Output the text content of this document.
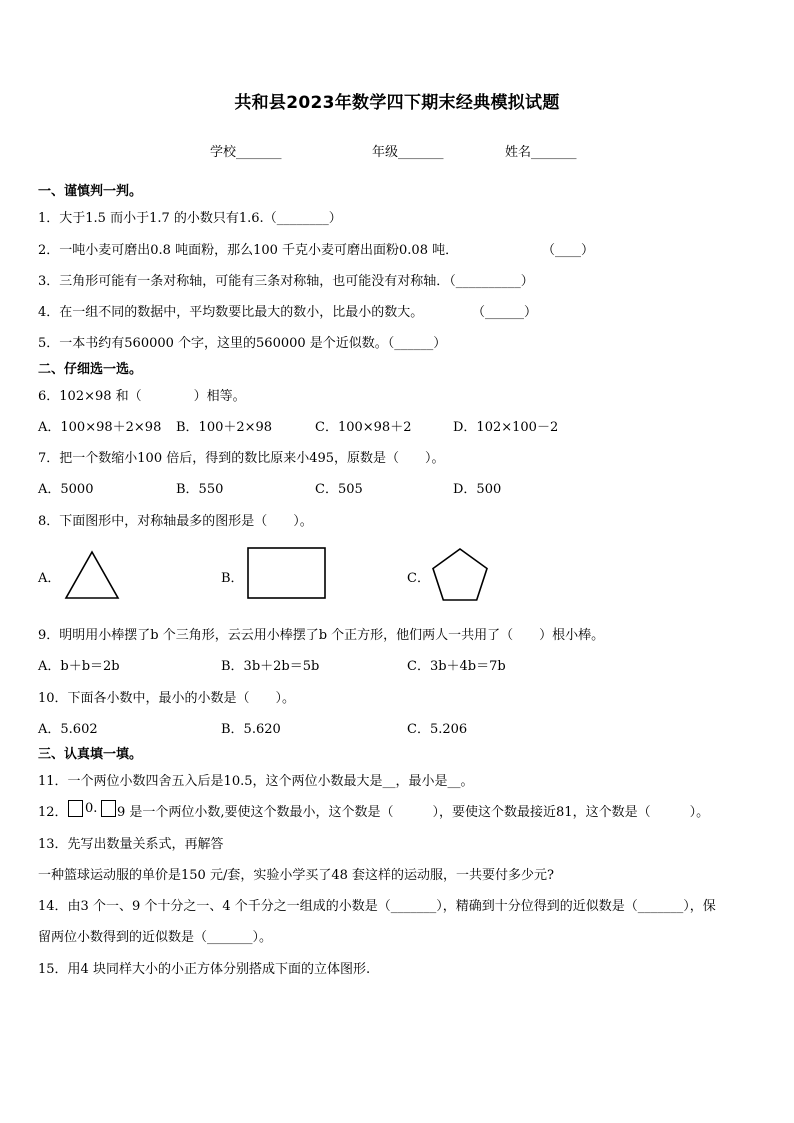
共和县2023年数学四下期末经典模拟试题
学校_______	年级_______	姓名_______
一、谨慎判一判。
1．大于1.5 而小于1.7 的小数只有1.6.（________）
2．一吨小麦可磨出0.8 吨面粉，那么100 千克小麦可磨出面粉0.08 吨．	（____）
3．三角形可能有一条对称轴，可能有三条对称轴，也可能没有对称轴．（__________）
4．在一组不同的数据中，平均数要比最大的数小，比最小的数大。	（______）
5．一本书约有560000 个字，这里的560000 是个近似数。（______）
二、仔细选一选。
6．102×98 和（　　　　）相等。
A．100×98＋2×98 B．100＋2×98	C．100×98＋2	D．102×100－2
7．把一个数缩小100 倍后，得到的数比原来小495，原数是（　　）。
A．5000	B．550	C．505	D．500
8．下面图形中，对称轴最多的图形是（　　）。
A．	B．	C．
9．明明用小棒摆了b 个三角形，云云用小棒摆了b 个正方形，他们两人一共用了（　　）根小棒。
A．b＋b＝2b	B．3b＋2b＝5b	C．3b＋4b＝7b
10．下面各小数中，最小的小数是（　　）。
A．5.602	B．5.620	C．5.206
三、认真填一填。
11．一个两位小数四舍五入后是10.5，这个两位小数最大是__，最小是__。
12． 0. 9 是一个两位小数,要使这个数最小，这个数是（　　　），要使这个数最接近81，这个数是（　　　）。
13．先写出数量关系式，再解答
一种篮球运动服的单价是150 元/套，实验小学买了48 套这样的运动服，一共要付多少元?
14．由3 个一、9 个十分之一、4 个千分之一组成的小数是（_______），精确到十分位得到的近似数是（_______），保
留两位小数得到的近似数是（_______）。
15．用4 块同样大小的小正方体分别搭成下面的立体图形.
